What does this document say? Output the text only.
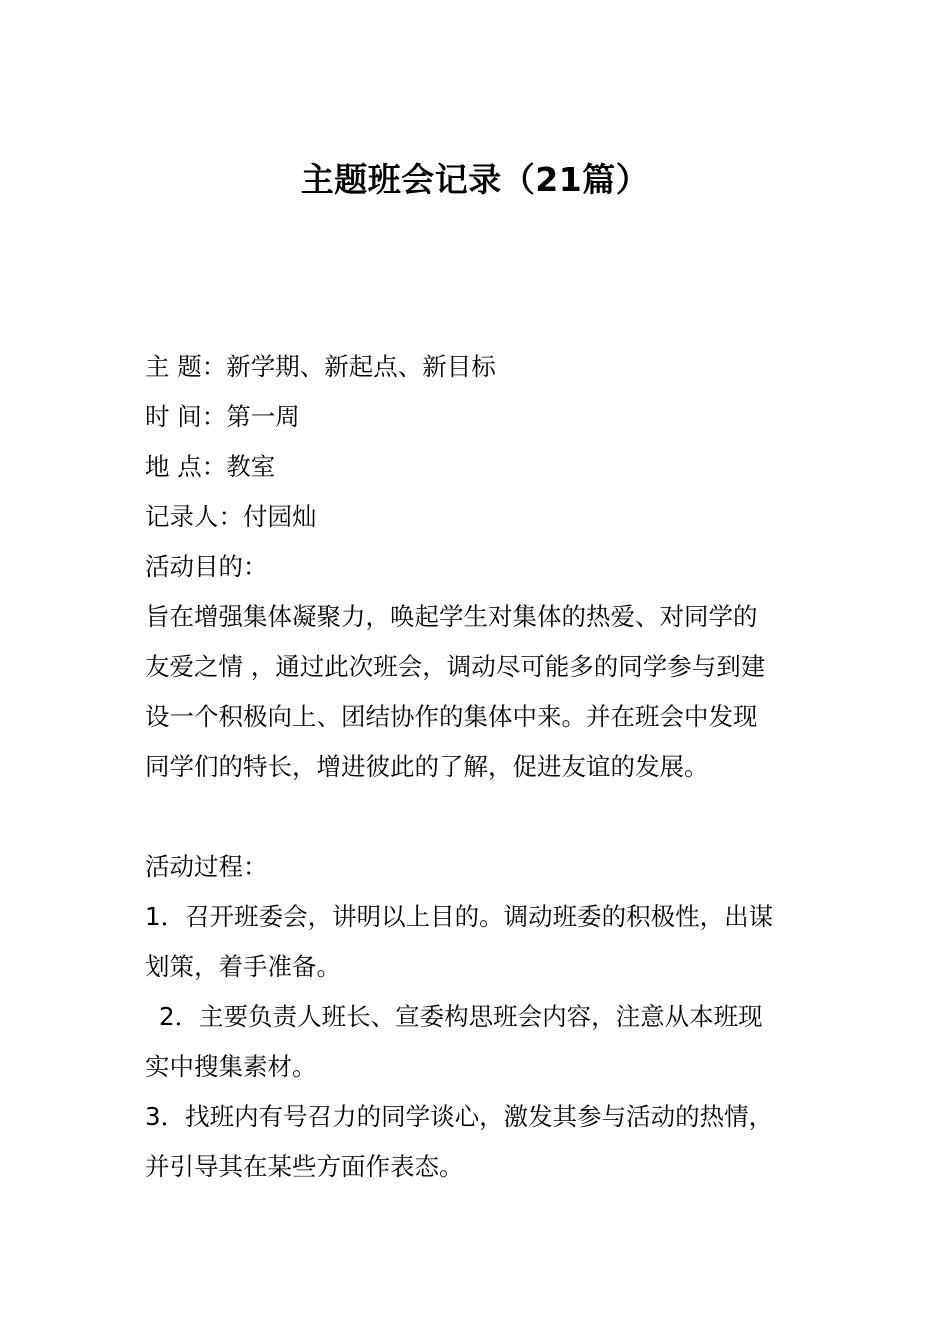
主题班会记录（21篇）

主 题：新学期、新起点、新目标

时 间：第一周

地 点：教室

记录人：付园灿

活动目的：

旨在增强集体凝聚力，唤起学生对集体的热爱、对同学的

友爱之情 ，通过此次班会，调动尽可能多的同学参与到建

设一个积极向上、团结协作的集体中来。并在班会中发现

同学们的特长，增进彼此的了解，促进友谊的发展。

活动过程：

1．召开班委会，讲明以上目的。调动班委的积极性，出谋

划策，着手准备。

2．主要负责人班长、宣委构思班会内容，注意从本班现

实中搜集素材。

3．找班内有号召力的同学谈心，激发其参与活动的热情，

并引导其在某些方面作表态。
